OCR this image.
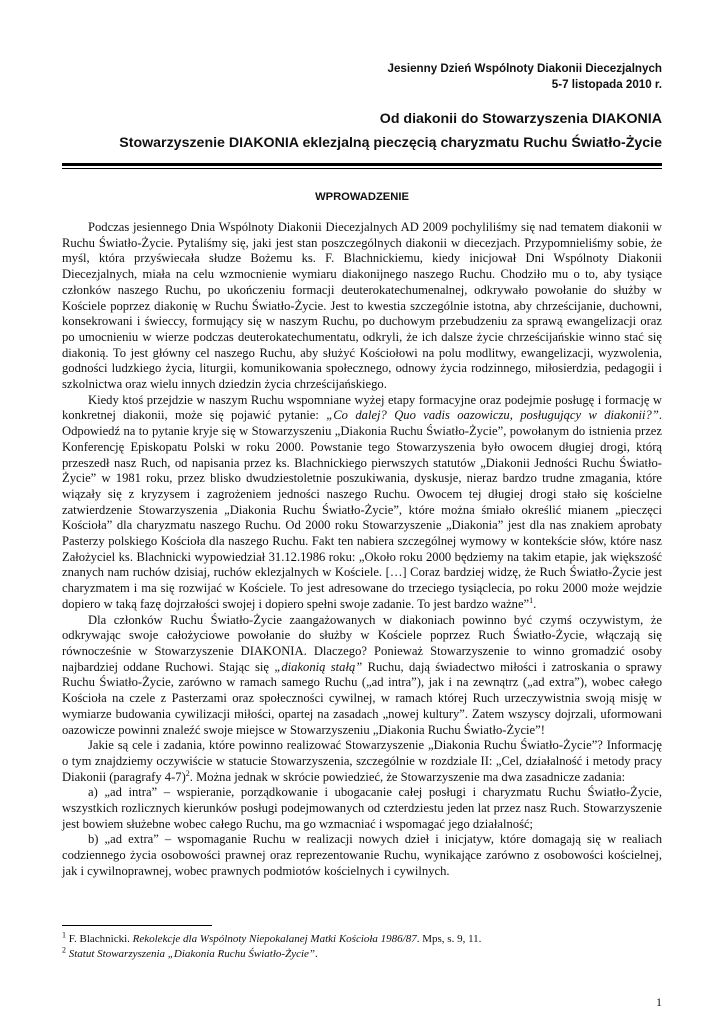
Jesienny Dzień Wspólnoty Diakonii Diecezjalnych
5-7 listopada 2010 r.
Od diakonii do Stowarzyszenia DIAKONIA
Stowarzyszenie DIAKONIA eklezjalną pieczęcią charyzmatu Ruchu Światło-Życie
WPROWADZENIE

Podczas jesiennego Dnia Wspólnoty Diakonii Diecezjalnych AD 2009 pochyliliśmy się nad tematem diakonii w Ruchu Światło-Życie. Pytaliśmy się, jaki jest stan poszczególnych diakonii w diecezjach. Przypomnieliśmy sobie, że myśl, która przyświecała słudze Bożemu ks. F. Blachnickiemu, kiedy inicjował Dni Wspólnoty Diakonii Diecezjalnych, miała na celu wzmocnienie wymiaru diakonijnego naszego Ruchu. Chodziło mu o to, aby tysiące członków naszego Ruchu, po ukończeniu formacji deuterokatechumenalnej, odkrywało powołanie do służby w Kościele poprzez diakonię w Ruchu Światło-Życie. Jest to kwestia szczególnie istotna, aby chrześcijanie, duchowni, konsekrowani i świeccy, formujący się w naszym Ruchu, po duchowym przebudzeniu za sprawą ewangelizacji oraz po umocnieniu w wierze podczas deuterokatechumentatu, odkryli, że ich dalsze życie chrześcijańskie winno stać się diakonią. To jest główny cel naszego Ruchu, aby służyć Kościołowi na polu modlitwy, ewangelizacji, wyzwolenia, godności ludzkiego życia, liturgii, komunikowania społecznego, odnowy życia rodzinnego, miłosierdzia, pedagogii i szkolnictwa oraz wielu innych dziedzin życia chrześcijańskiego.

Kiedy ktoś przejdzie w naszym Ruchu wspomniane wyżej etapy formacyjne oraz podejmie posługę i formację w konkretnej diakonii, może się pojawić pytanie: „Co dalej? Quo vadis oazowiczu, posługujący w diakonii?”. Odpowiedź na to pytanie kryje się w Stowarzyszeniu „Diakonia Ruchu Światło-Życie”, powołanym do istnienia przez Konferencję Episkopatu Polski w roku 2000. Powstanie tego Stowarzyszenia było owocem długiej drogi, którą przeszedł nasz Ruch, od napisania przez ks. Blachnickiego pierwszych statutów „Diakonii Jedności Ruchu Światło-Życie” w 1981 roku, przez blisko dwudziestoletnie poszukiwania, dyskusje, nieraz bardzo trudne zmagania, które wiązały się z kryzysem i zagrożeniem jedności naszego Ruchu. Owocem tej długiej drogi stało się kościelne zatwierdzenie Stowarzyszenia „Diakonia Ruchu Światło-Życie”, które można śmiało określić mianem „pieczęci Kościoła” dla charyzmatu naszego Ruchu. Od 2000 roku Stowarzyszenie „Diakonia” jest dla nas znakiem aprobaty Pasterzy polskiego Kościoła dla naszego Ruchu. Fakt ten nabiera szczególnej wymowy w kontekście słów, które nasz Założyciel ks. Blachnicki wypowiedział 31.12.1986 roku: „Około roku 2000 będziemy na takim etapie, jak większość znanych nam ruchów dzisiaj, ruchów eklezjalnych w Kościele. […] Coraz bardziej widzę, że Ruch Światło-Życie jest charyzmatem i ma się rozwijać w Kościele. To jest adresowane do trzeciego tysiąclecia, po roku 2000 może wejdzie dopiero w taką fazę dojrzałości swojej i dopiero spełni swoje zadanie. To jest bardzo ważne”$^1$.

Dla członków Ruchu Światło-Życie zaangażowanych w diakoniach powinno być czymś oczywistym, że odkrywając swoje całożyciowe powołanie do służby w Kościele poprzez Ruch Światło-Życie, włączają się równocześnie w Stowarzyszenie DIAKONIA. Dlaczego? Ponieważ Stowarzyszenie to winno gromadzić osoby najbardziej oddane Ruchowi. Stając się „diakonią stałą” Ruchu, dają świadectwo miłości i zatroskania o sprawy Ruchu Światło-Życie, zarówno w ramach samego Ruchu („ad intra”), jak i na zewnątrz („ad extra”), wobec całego Kościoła na czele z Pasterzami oraz społeczności cywilnej, w ramach której Ruch urzeczywistnia swoją misję w wymiarze budowania cywilizacji miłości, opartej na zasadach „nowej kultury”. Zatem wszyscy dojrzali, uformowani oazowicze powinni znaleźć swoje miejsce w Stowarzyszeniu „Diakonia Ruchu Światło-Życie”!

Jakie są cele i zadania, które powinno realizować Stowarzyszenie „Diakonia Ruchu Światło-Życie”? Informację o tym znajdziemy oczywiście w statucie Stowarzyszenia, szczególnie w rozdziale II: „Cel, działalność i metody pracy Diakonii (paragrafy 4-7)$^2$. Można jednak w skrócie powiedzieć, że Stowarzyszenie ma dwa zasadnicze zadania:

a) „ad intra” – wspieranie, porządkowanie i ubogacanie całej posługi i charyzmatu Ruchu Światło-Życie, wszystkich rozlicznych kierunków posługi podejmowanych od czterdziestu jeden lat przez nasz Ruch. Stowarzyszenie jest bowiem służebne wobec całego Ruchu, ma go wzmacniać i wspomagać jego działalność;

b) „ad extra” – wspomaganie Ruchu w realizacji nowych dzieł i inicjatyw, które domagają się w realiach codziennego życia osobowości prawnej oraz reprezentowanie Ruchu, wynikające zarówno z osobowości kościelnej, jak i cywilnoprawnej, wobec prawnych podmiotów kościelnych i cywilnych.

$^1$ F. Blachnicki. Rekolekcje dla Wspólnoty Niepokalanej Matki Kościoła 1986/87. Mps, s. 9, 11.
$^2$ Statut Stowarzyszenia „Diakonia Ruchu Światło-Życie”.
1
